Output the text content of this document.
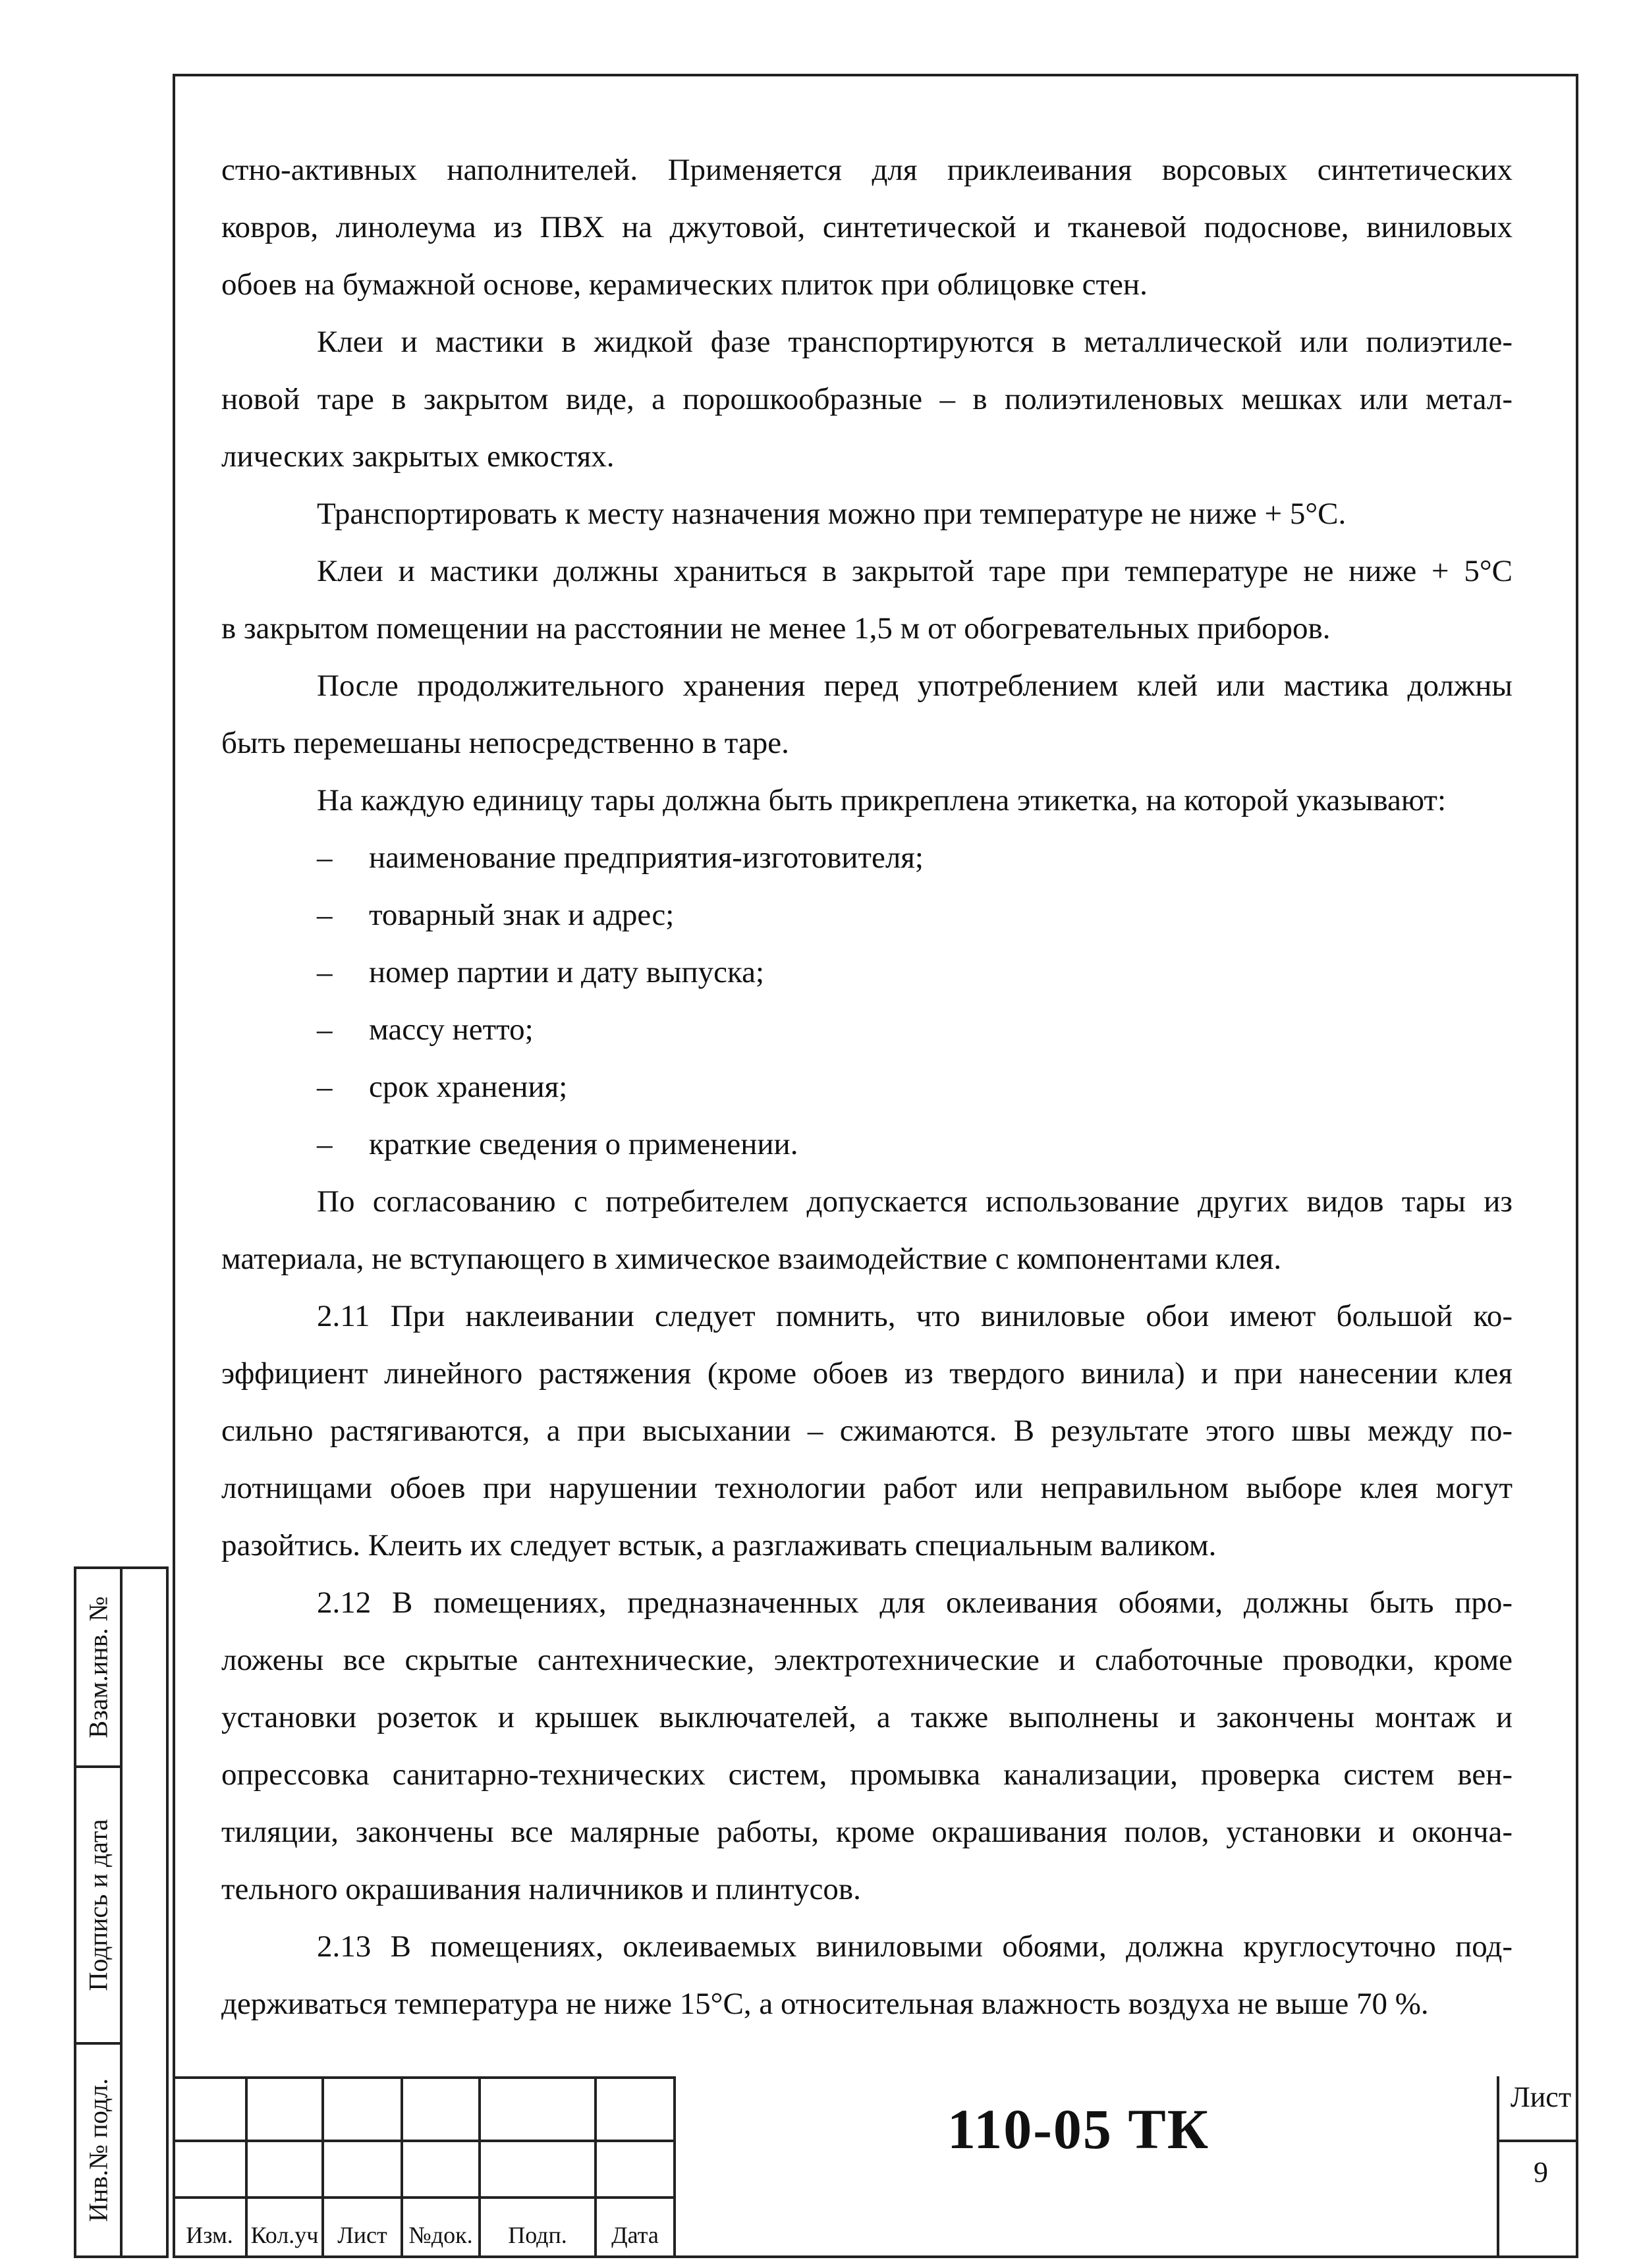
стно-активных наполнителей. Применяется для приклеивания ворсовых синтетических
ковров, линолеума из ПВХ на джутовой, синтетической и тканевой подоснове, виниловых
обоев на бумажной основе, керамических плиток при облицовке стен.

Клеи и мастики в жидкой фазе транспортируются в металлической или полиэтиле-
новой таре в закрытом виде, а порошкообразные – в полиэтиленовых мешках или метал-
лических закрытых емкостях.

Транспортировать к месту назначения можно при температуре не ниже + 5°С.

Клеи и мастики должны храниться в закрытой таре при температуре не ниже + 5°С
в закрытом помещении на расстоянии не менее 1,5 м от обогревательных приборов.

После продолжительного хранения перед употреблением клей или мастика должны
быть перемешаны непосредственно в таре.

На каждую единицу тары должна быть прикреплена этикетка, на которой указывают:

– наименование предприятия-изготовителя;

– товарный знак и адрес;

– номер партии и дату выпуска;

– массу нетто;

– срок хранения;

– краткие сведения о применении.

По согласованию с потребителем допускается использование других видов тары из
материала, не вступающего в химическое взаимодействие с компонентами клея.

2.11 При наклеивании следует помнить, что виниловые обои имеют большой ко-
эффициент линейного растяжения (кроме обоев из твердого винила) и при нанесении клея
сильно растягиваются, а при высыхании – сжимаются. В результате этого швы между по-
лотнищами обоев при нарушении технологии работ или неправильном выборе клея могут
разойтись. Клеить их следует встык, а разглаживать специальным валиком.

2.12 В помещениях, предназначенных для оклеивания обоями, должны быть про-
ложены все скрытые сантехнические, электротехнические и слаботочные проводки, кроме
установки розеток и крышек выключателей, а также выполнены и закончены монтаж и
опрессовка санитарно-технических систем, промывка канализации, проверка систем вен-
тиляции, закончены все малярные работы, кроме окрашивания полов, установки и оконча-
тельного окрашивания наличников и плинтусов.

2.13 В помещениях, оклеиваемых виниловыми обоями, должна круглосуточно под-
держиваться температура не ниже 15°С, а относительная влажность воздуха не выше 70 %.

Взам.инв. №
Подпись и дата
Инв.№ подл.
Изм. Кол.уч Лист №док.	Подп.	Дата
110-05 ТК
Лист
9
